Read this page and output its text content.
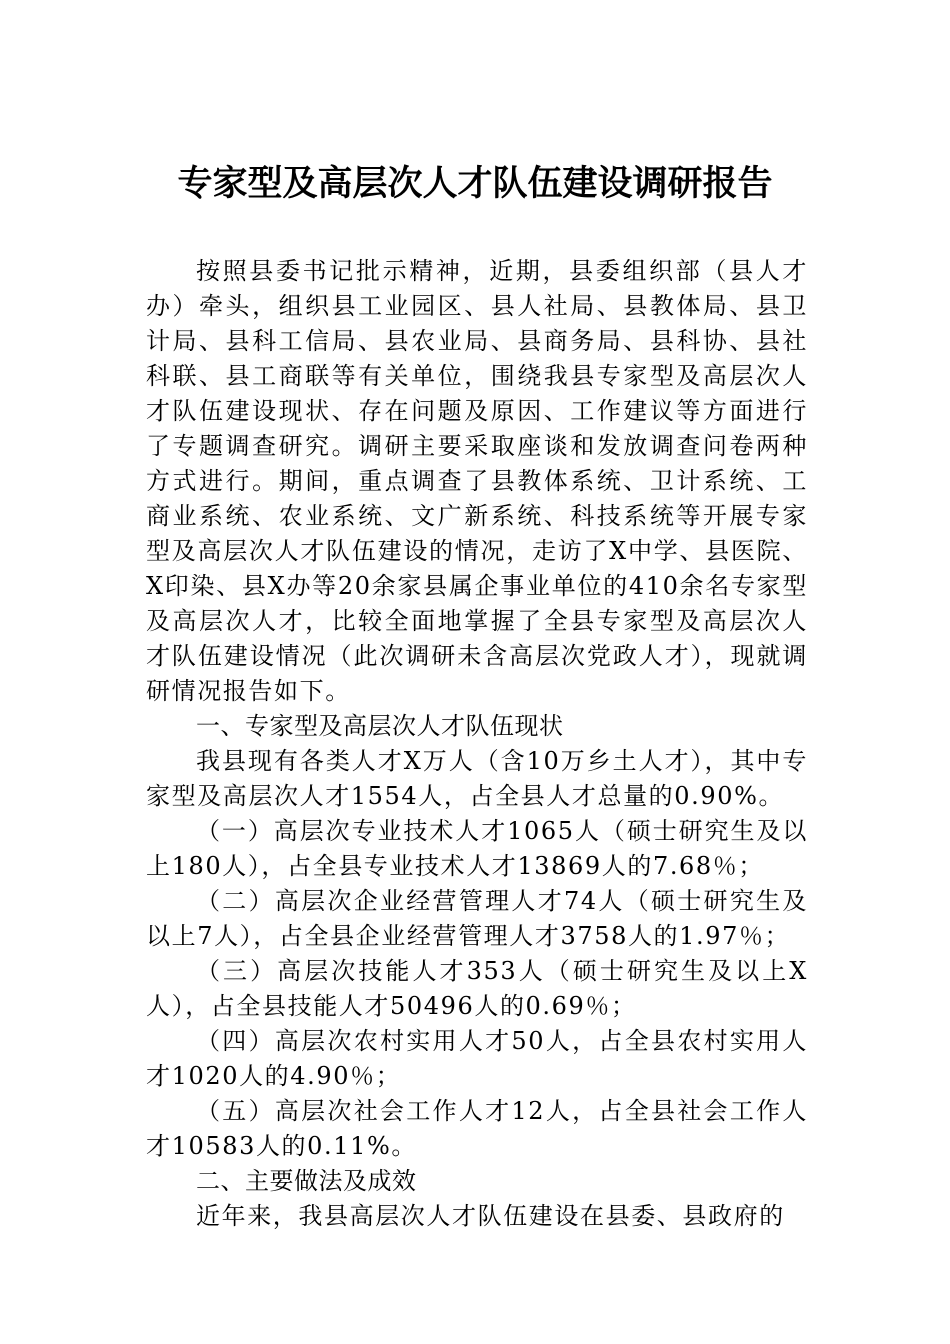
专家型及高层次人才队伍建设调研报告

按照县委书记批示精神，近期，县委组织部（县人才办）牵头，组织县工业园区、县人社局、县教体局、县卫计局、县科工信局、县农业局、县商务局、县科协、县社科联、县工商联等有关单位，围绕我县专家型及高层次人才队伍建设现状、存在问题及原因、工作建议等方面进行了专题调查研究。调研主要采取座谈和发放调查问卷两种方式进行。期间，重点调查了县教体系统、卫计系统、工商业系统、农业系统、文广新系统、科技系统等开展专家型及高层次人才队伍建设的情况，走访了X中学、县医院、X印染、县X办等20余家县属企事业单位的410余名专家型及高层次人才，比较全面地掌握了全县专家型及高层次人才队伍建设情况（此次调研未含高层次党政人才），现就调研情况报告如下。

一、专家型及高层次人才队伍现状

我县现有各类人才X万人（含10万乡土人才），其中专家型及高层次人才1554人，占全县人才总量的0.90%。

（一）高层次专业技术人才1065人（硕士研究生及以上180人），占全县专业技术人才13869人的7.68％；

（二）高层次企业经营管理人才74人（硕士研究生及以上7人），占全县企业经营管理人才3758人的1.97％；

（三）高层次技能人才353人（硕士研究生及以上X人），占全县技能人才50496人的0.69％；

（四）高层次农村实用人才50人，占全县农村实用人才1020人的4.90％；

（五）高层次社会工作人才12人，占全县社会工作人才10583人的0.11%。

二、主要做法及成效

近年来，我县高层次人才队伍建设在县委、县政府的
